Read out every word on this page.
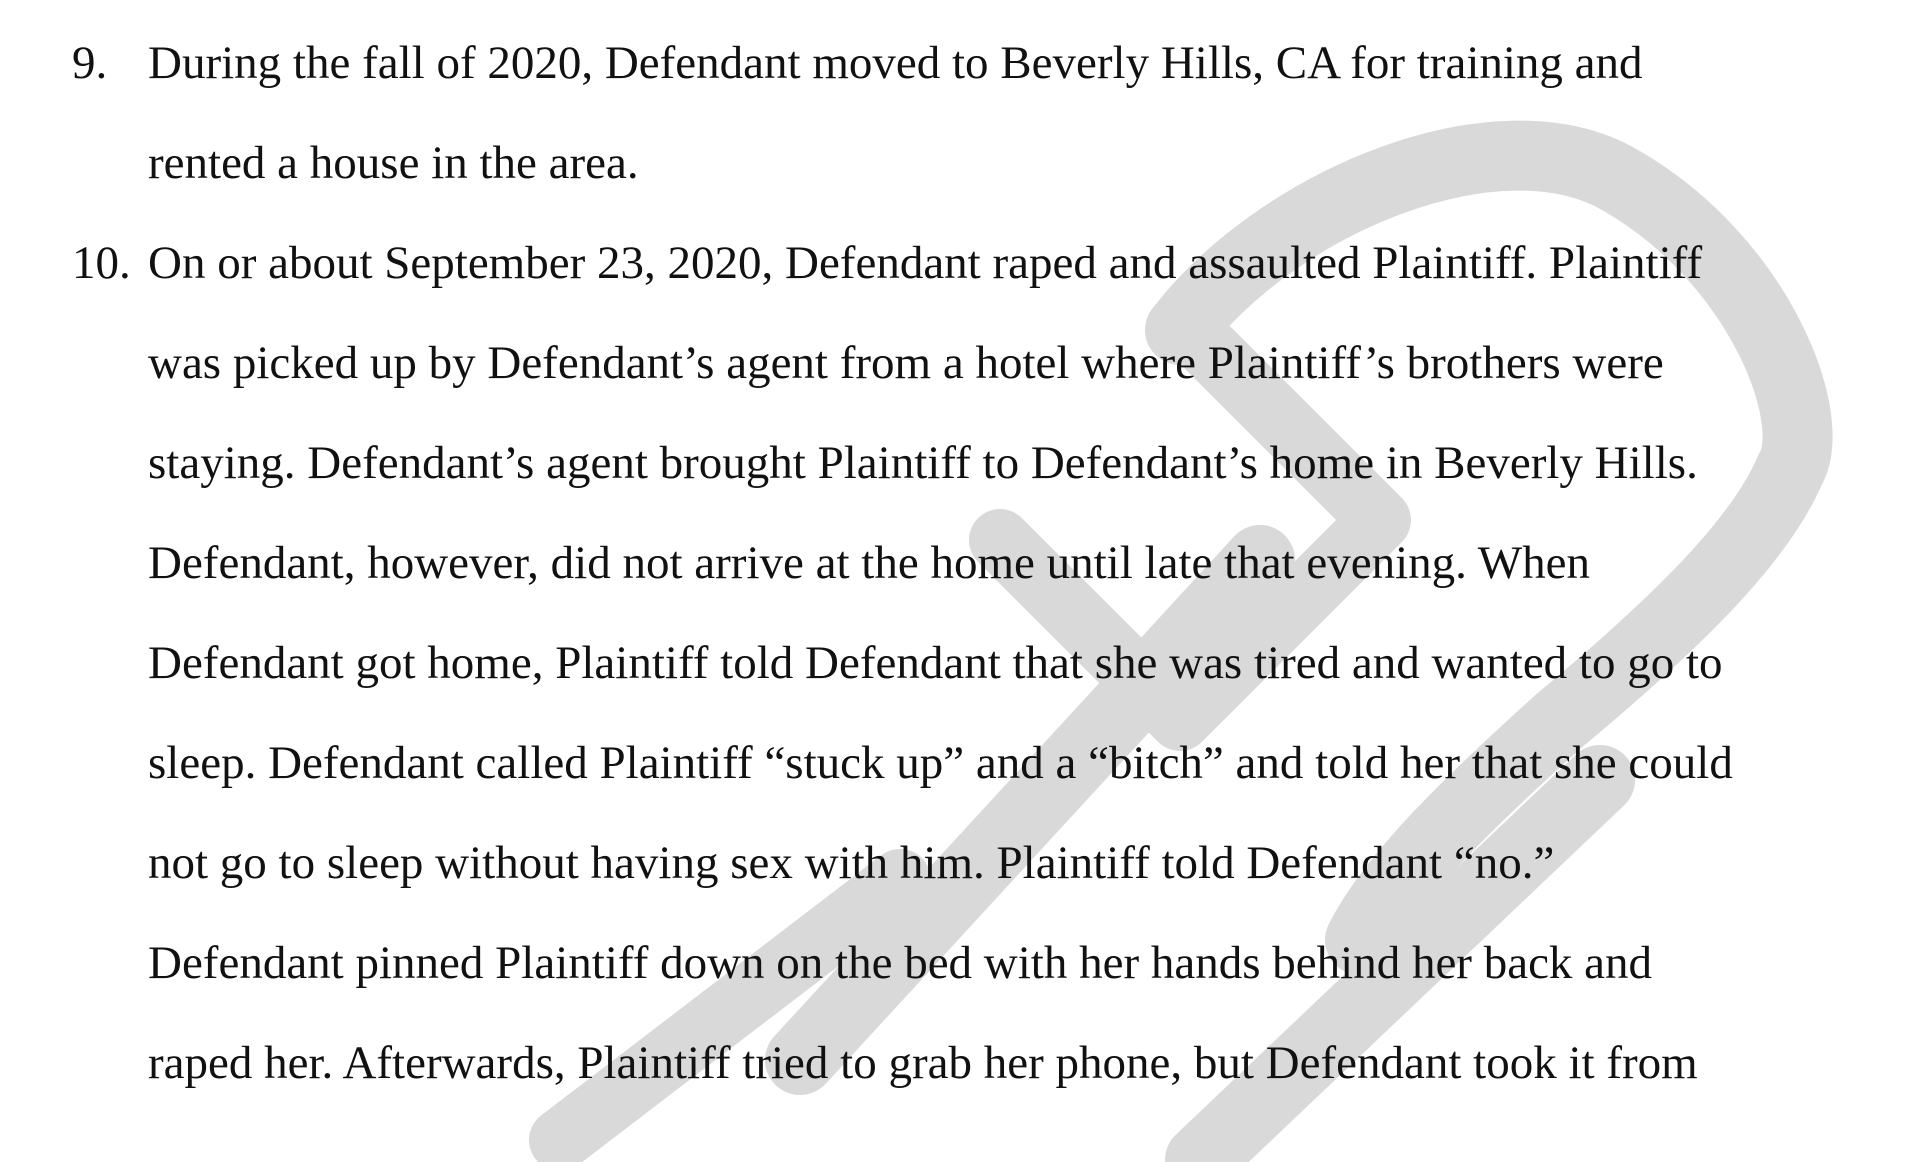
9. During the fall of 2020, Defendant moved to Beverly Hills, CA for training and
rented a house in the area.
10. On or about September 23, 2020, Defendant raped and assaulted Plaintiff. Plaintiff
was picked up by Defendant’s agent from a hotel where Plaintiff’s brothers were
staying. Defendant’s agent brought Plaintiff to Defendant’s home in Beverly Hills.
Defendant, however, did not arrive at the home until late that evening. When
Defendant got home, Plaintiff told Defendant that she was tired and wanted to go to
sleep. Defendant called Plaintiff “stuck up” and a “bitch” and told her that she could
not go to sleep without having sex with him. Plaintiff told Defendant “no.”
Defendant pinned Plaintiff down on the bed with her hands behind her back and
raped her. Afterwards, Plaintiff tried to grab her phone, but Defendant took it from
